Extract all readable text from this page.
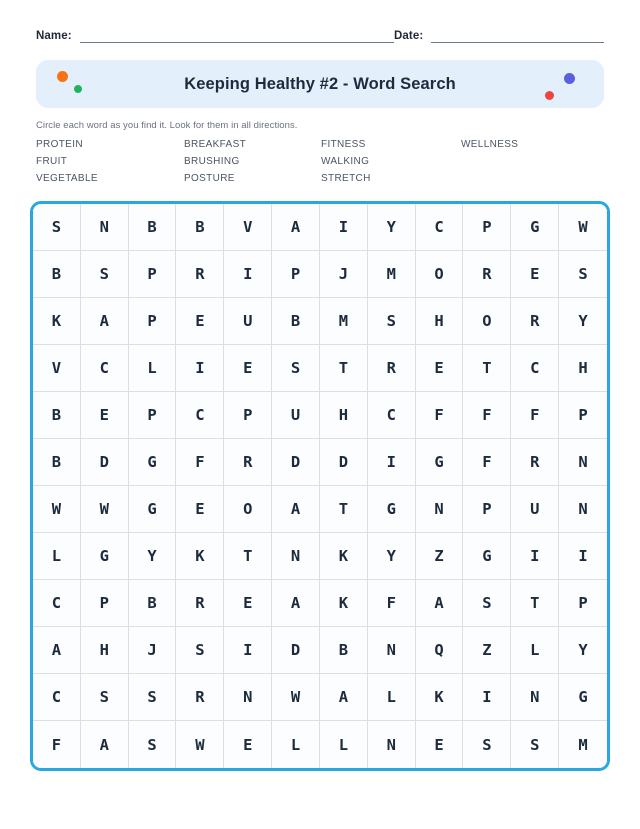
Name:	Date:
Keeping Healthy #2 - Word Search

Circle each word as you find it. Look for them in all directions.

PROTEIN	BREAKFAST	FITNESS	WELLNESS
FRUIT	BRUSHING	WALKING
VEGETABLE	POSTURE	STRETCH
S	N	B	B	V	A	I	Y	C	P	G	W
B	S	P	R	I	P	J	M	O	R	E	S
K	A	P	E	U	B	M	S	H	O	R	Y
V	C	L	I	E	S	T	R	E	T	C	H
B	E	P	C	P	U	H	C	F	F	F	P
B	D	G	F	R	D	D	I	G	F	R	N
W	W	G	E	O	A	T	G	N	P	U	N
L	G	Y	K	T	N	K	Y	Z	G	I	I
C	P	B	R	E	A	K	F	A	S	T	P
A	H	J	S	I	D	B	N	Q	Z	L	Y
C	S	S	R	N	W	A	L	K	I	N	G
F	A	S	W	E	L	L	N	E	S	S	M
